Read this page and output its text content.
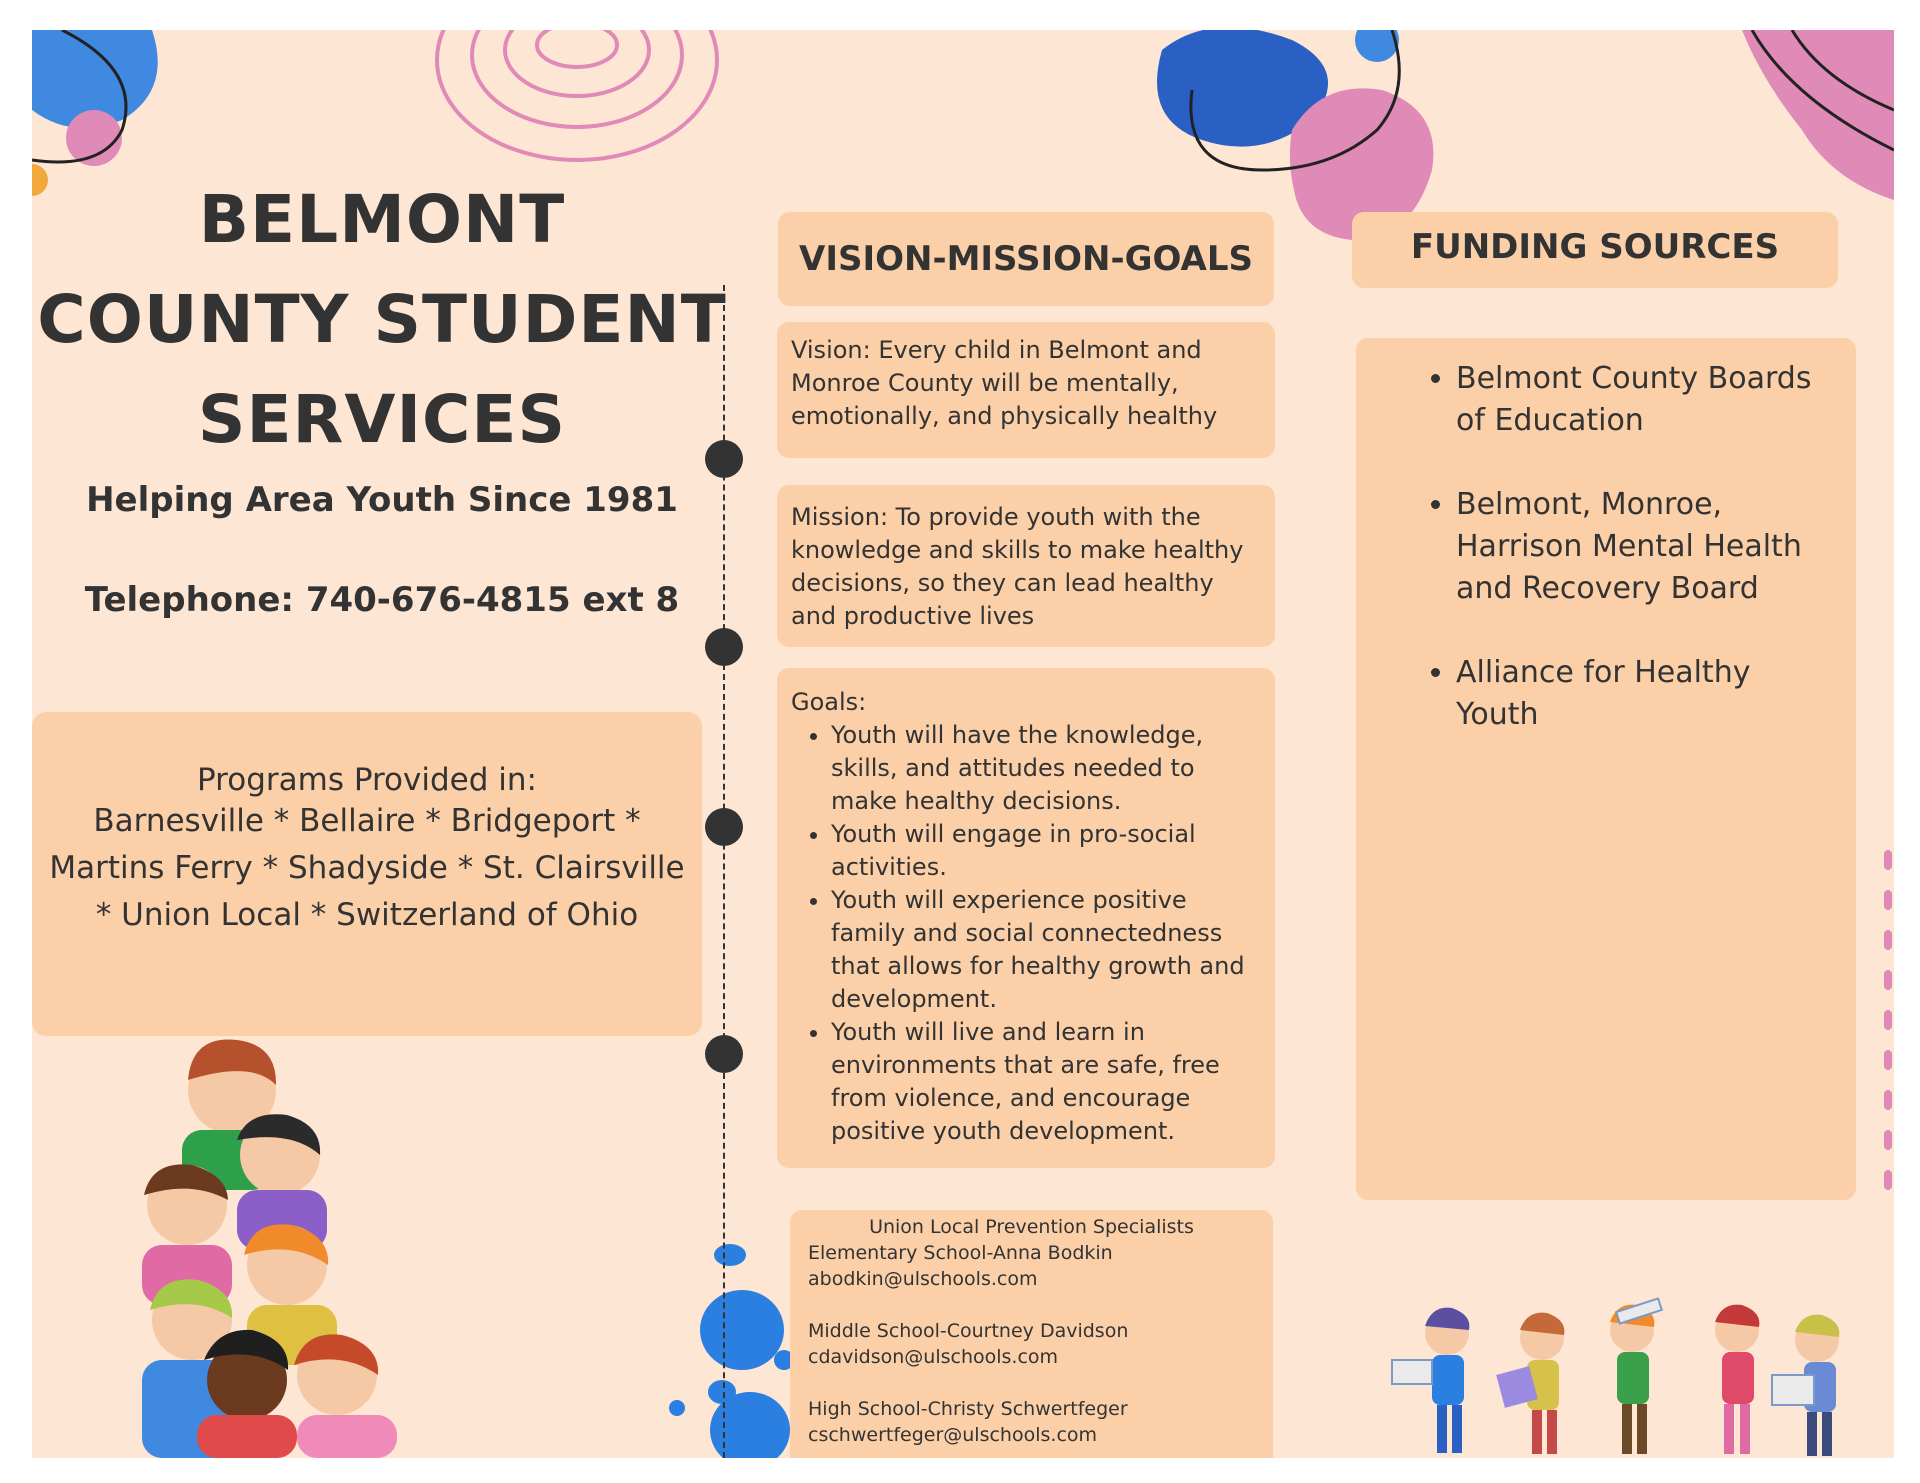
BELMONT
COUNTY STUDENT
SERVICES
Helping Area Youth Since 1981
Telephone: 740-676-4815 ext 8
Programs Provided in:
Barnesville * Bellaire * Bridgeport *
Martins Ferry * Shadyside * St. Clairsville
* Union Local * Switzerland of Ohio
VISION-MISSION-GOALS

Vision: Every child in Belmont and Monroe County will be mentally, emotionally, and physically healthy

Mission: To provide youth with the knowledge and skills to make healthy decisions, so they can lead healthy and productive lives

Goals:

• Youth will have the knowledge, skills, and attitudes needed to make healthy decisions.
• Youth will engage in pro-social activities.
• Youth will experience positive family and social connectedness that allows for healthy growth and development.
• Youth will live and learn in environments that are safe, free from violence, and encourage positive youth development.
Union Local Prevention Specialists
Elementary School-Anna Bodkin
abodkin@ulschools.com
Middle School-Courtney Davidson
cdavidson@ulschools.com
High School-Christy Schwertfeger
cschwertfeger@ulschools.com
FUNDING SOURCES
• Belmont County Boards of Education
• Belmont, Monroe, Harrison Mental Health and Recovery Board
• Alliance for Healthy Youth
